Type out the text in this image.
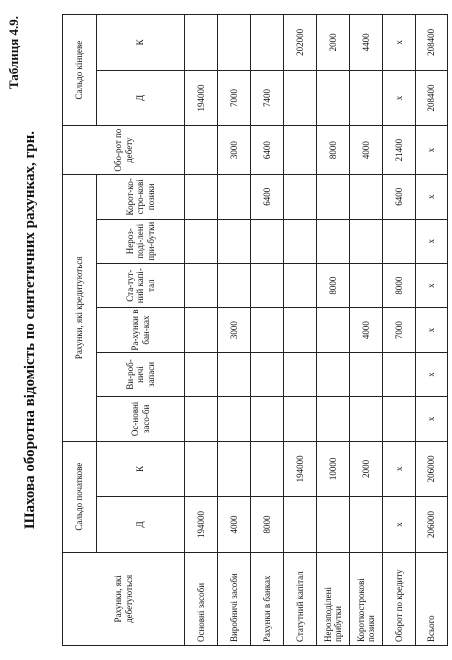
Таблиця 4.9.
Шахова оборотна відомість по синтетичних рахунках, грн.
Рахунки, які дебетуються	Сальдо початкове		Рахунки, які кредитуються						Обо-рот по дебету	Сальдо кінцеве	
	Д	К	Ос-новні засо-би	Ви-роб-ничі запаси	Ра-хунки в бан-ках	Ста-тут-ний капі-тал	Нероз-поді-лені при-бутки	Корот-ко-стро-кові позики		Д	К

Основні засоби	194000									194000	
Виробничі засоби	4000				3000				3000	7000	
Рахунки в банках	8000							6400	6400	7400	
Статутний капітал		194000									202000
Нерозподілені прибутки		10000				8000			8000		2000
Короткострокові позики		2000			4000				4000		4400
Оборот по кредиту	x	x			7000	8000		6400	21400	x	x
Всього	206000	206000	x	x	x	x	x	x	x	208400	208400
